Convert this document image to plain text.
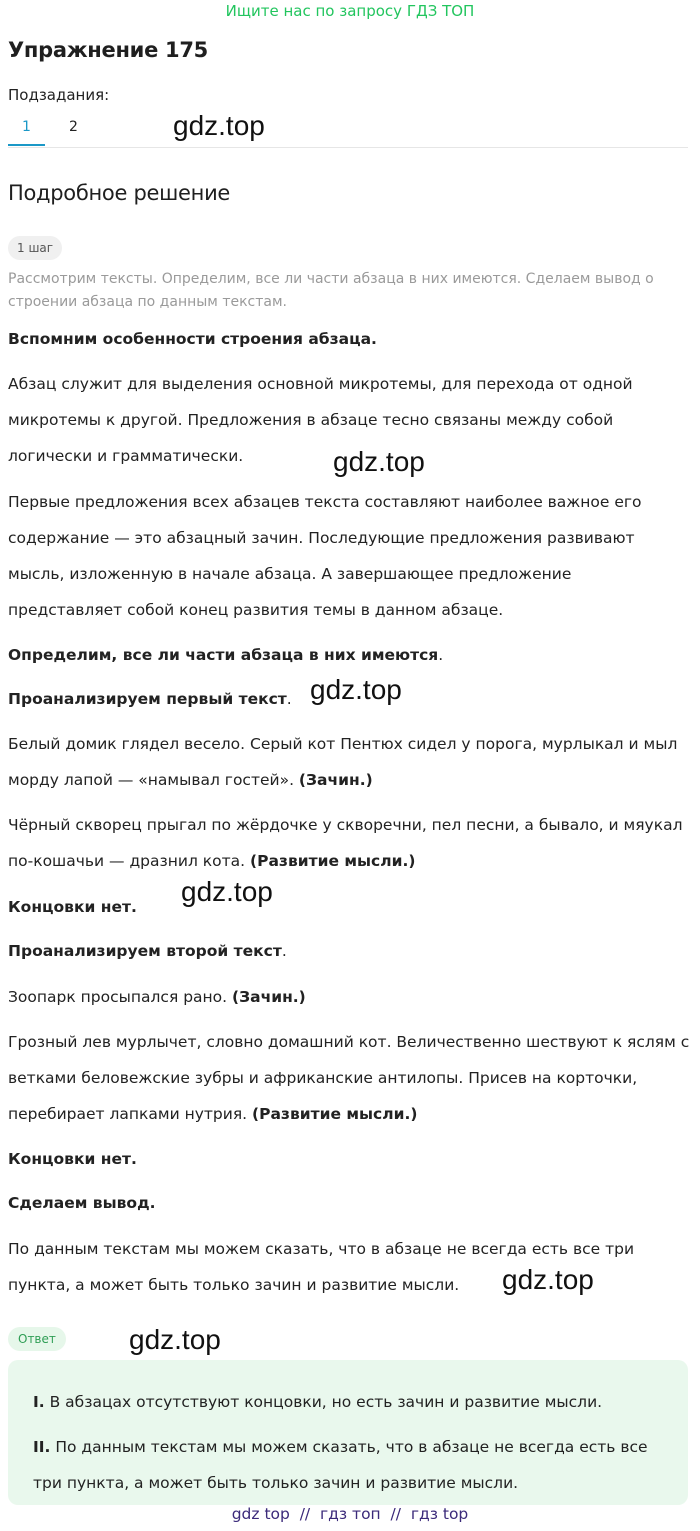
Ищите нас по запросу ГДЗ ТОП
Упражнение 175
Подзадания:
1	2	gdz.top
Подробное решение
1 шаг
Рассмотрим тексты. Определим, все ли части абзаца в них имеются. Сделаем вывод о строении абзаца по данным текстам.
Вспомним особенности строения абзаца.
Абзац служит для выделения основной микротемы, для перехода от одной микротемы к другой. Предложения в абзаце тесно связаны между собой логически и грамматически.	gdz.top
Первые предложения всех абзацев текста составляют наиболее важное его содержание — это абзацный зачин. Последующие предложения развивают мысль, изложенную в начале абзаца. А завершающее предложение представляет собой конец развития темы в данном абзаце.
Определим, все ли части абзаца в них имеются.
Проанализируем первый текст. gdz.top
Белый домик глядел весело. Серый кот Пентюх сидел у порога, мурлыкал и мыл морду лапой — «намывал гостей». (Зачин.)
Чёрный скворец прыгал по жёрдочке у скворечни, пел песни, а бывало, и мяукал по-кошачьи — дразнил кота. (Развитие мысли.)
Концовки нет.	gdz.top
Проанализируем второй текст.
Зоопарк просыпался рано. (Зачин.)
Грозный лев мурлычет, словно домашний кот. Величественно шествуют к яслям с ветками беловежские зубры и африканские антилопы. Присев на корточки, перебирает лапками нутрия. (Развитие мысли.)
Концовки нет.
Сделаем вывод.
По данным текстам мы можем сказать, что в абзаце не всегда есть все три пункта, а может быть только зачин и развитие мысли.	gdz.top
Ответ	gdz.top
I. В абзацах отсутствуют концовки, но есть зачин и развитие мысли.
II. По данным текстам мы можем сказать, что в абзаце не всегда есть все три пункта, а может быть только зачин и развитие мысли.
gdz top  //  гдз топ  //  гдз top
